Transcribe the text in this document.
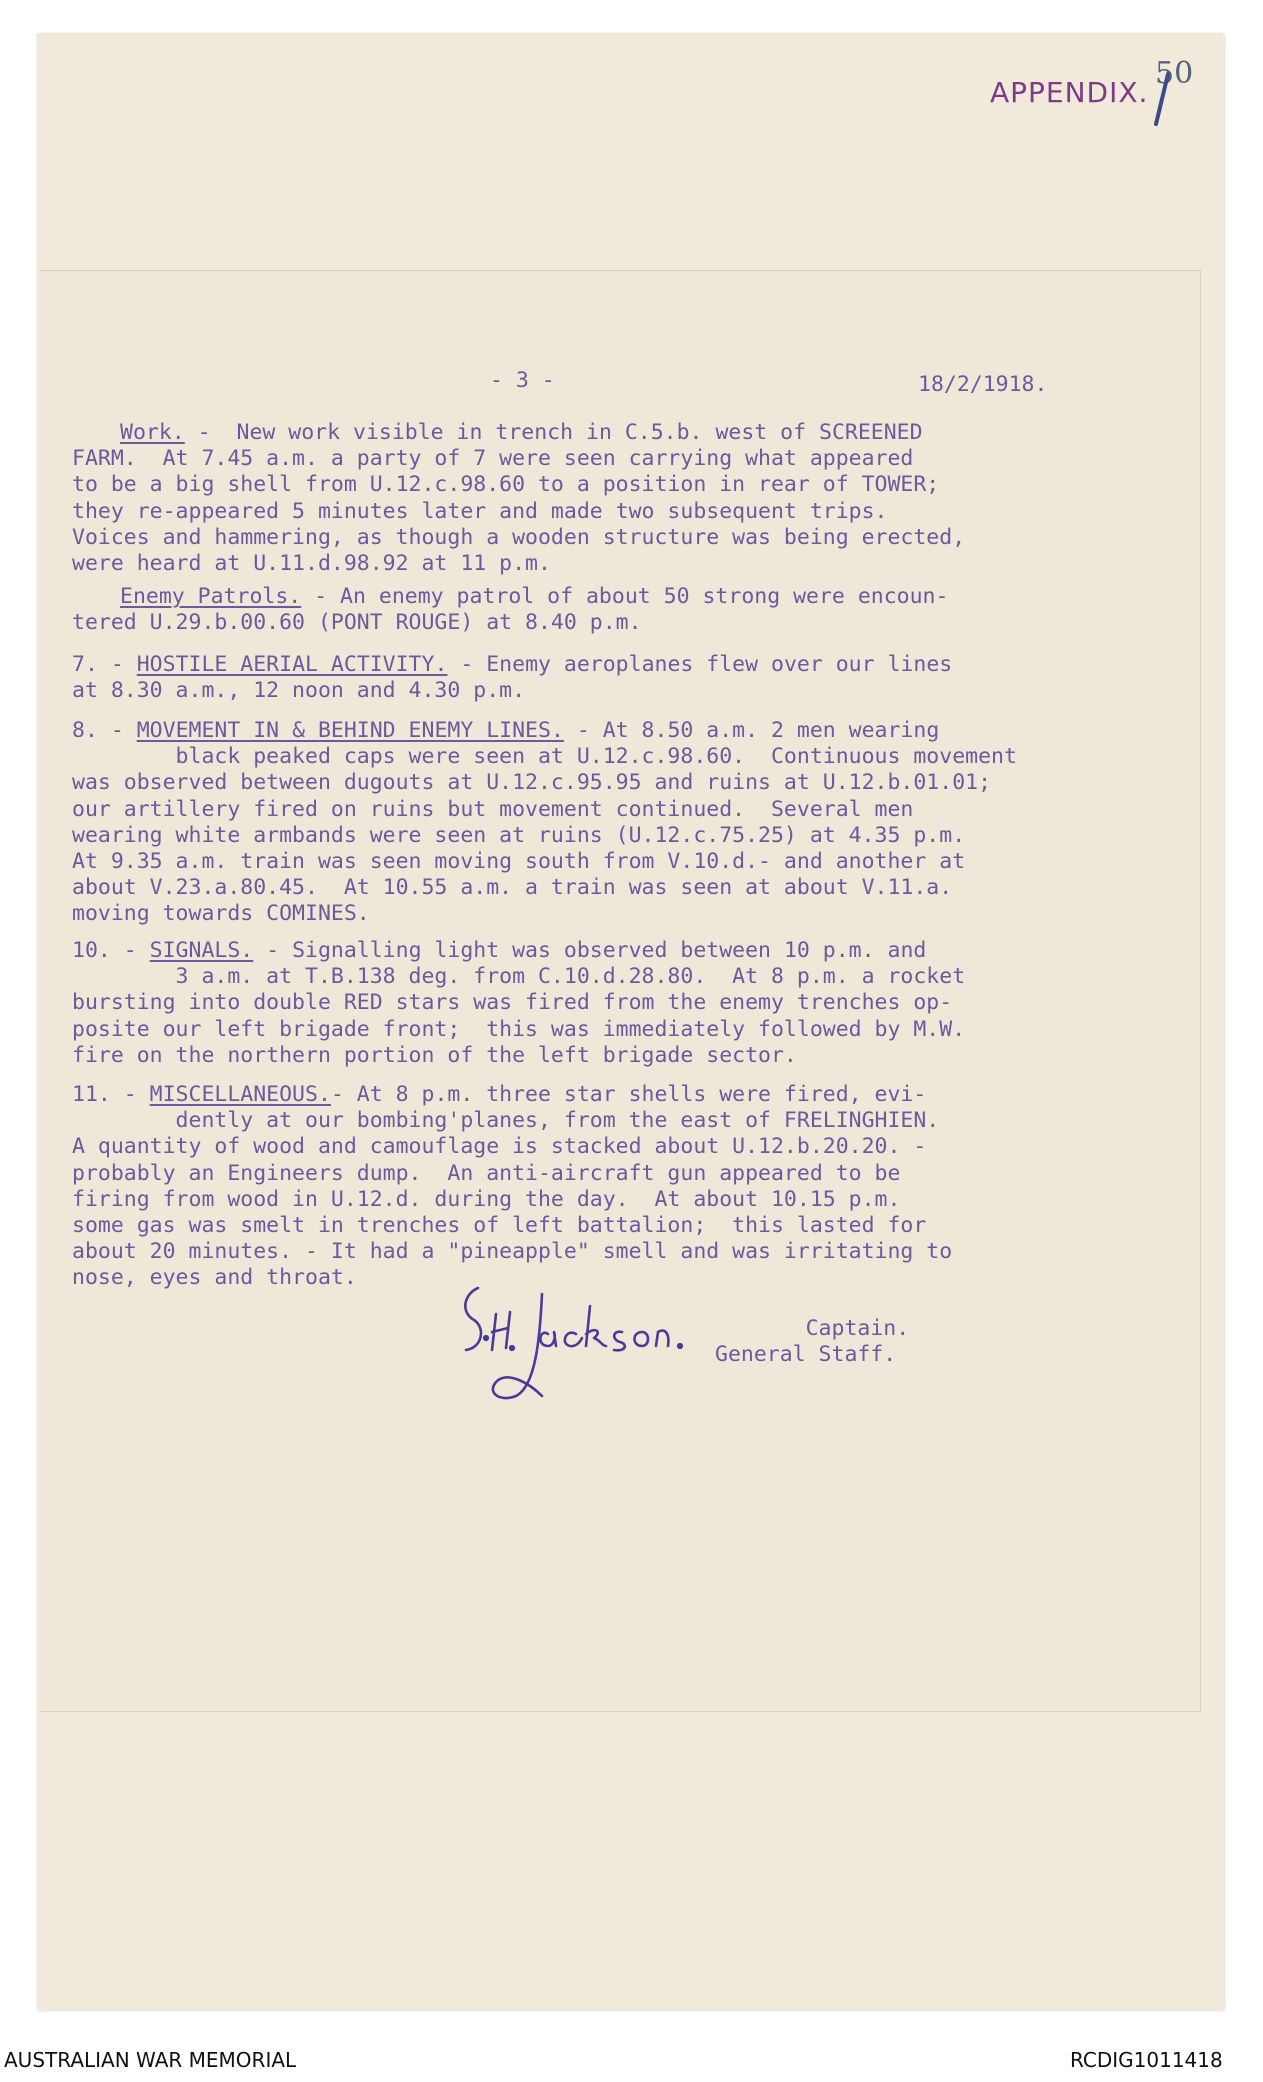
APPENDIX.
50
- 3 -	18/2/1918.
Work. -  New work visible in trench in C.5.b. west of SCREENED
FARM.  At 7.45 a.m. a party of 7 were seen carrying what appeared
to be a big shell from U.12.c.98.60 to a position in rear of TOWER;
they re-appeared 5 minutes later and made two subsequent trips.
Voices and hammering, as though a wooden structure was being erected,
were heard at U.11.d.98.92 at 11 p.m.
Enemy Patrols. - An enemy patrol of about 50 strong were encoun-
tered U.29.b.00.60 (PONT ROUGE) at 8.40 p.m.
7. - HOSTILE AERIAL ACTIVITY. - Enemy aeroplanes flew over our lines
at 8.30 a.m., 12 noon and 4.30 p.m.
8. - MOVEMENT IN & BEHIND ENEMY LINES. - At 8.50 a.m. 2 men wearing
black peaked caps were seen at U.12.c.98.60.  Continuous movement
was observed between dugouts at U.12.c.95.95 and ruins at U.12.b.01.01;
our artillery fired on ruins but movement continued.  Several men
wearing white armbands were seen at ruins (U.12.c.75.25) at 4.35 p.m.
At 9.35 a.m. train was seen moving south from V.10.d.- and another at
about V.23.a.80.45.  At 10.55 a.m. a train was seen at about V.11.a.
moving towards COMINES.
10. - SIGNALS. - Signalling light was observed between 10 p.m. and
3 a.m. at T.B.138 deg. from C.10.d.28.80.  At 8 p.m. a rocket
bursting into double RED stars was fired from the enemy trenches op-
posite our left brigade front;  this was immediately followed by M.W.
fire on the northern portion of the left brigade sector.
11. - MISCELLANEOUS.- At 8 p.m. three star shells were fired, evi-
dently at our bombing'planes, from the east of FRELINGHIEN.
A quantity of wood and camouflage is stacked about U.12.b.20.20. -
probably an Engineers dump.  An anti-aircraft gun appeared to be
firing from wood in U.12.d. during the day.  At about 10.15 p.m.
some gas was smelt in trenches of left battalion;  this lasted for
about 20 minutes. - It had a "pineapple" smell and was irritating to
nose, eyes and throat.
S.H.Jackson
Captain.
General Staff.
AUSTRALIAN WAR MEMORIAL	RCDIG1011418
